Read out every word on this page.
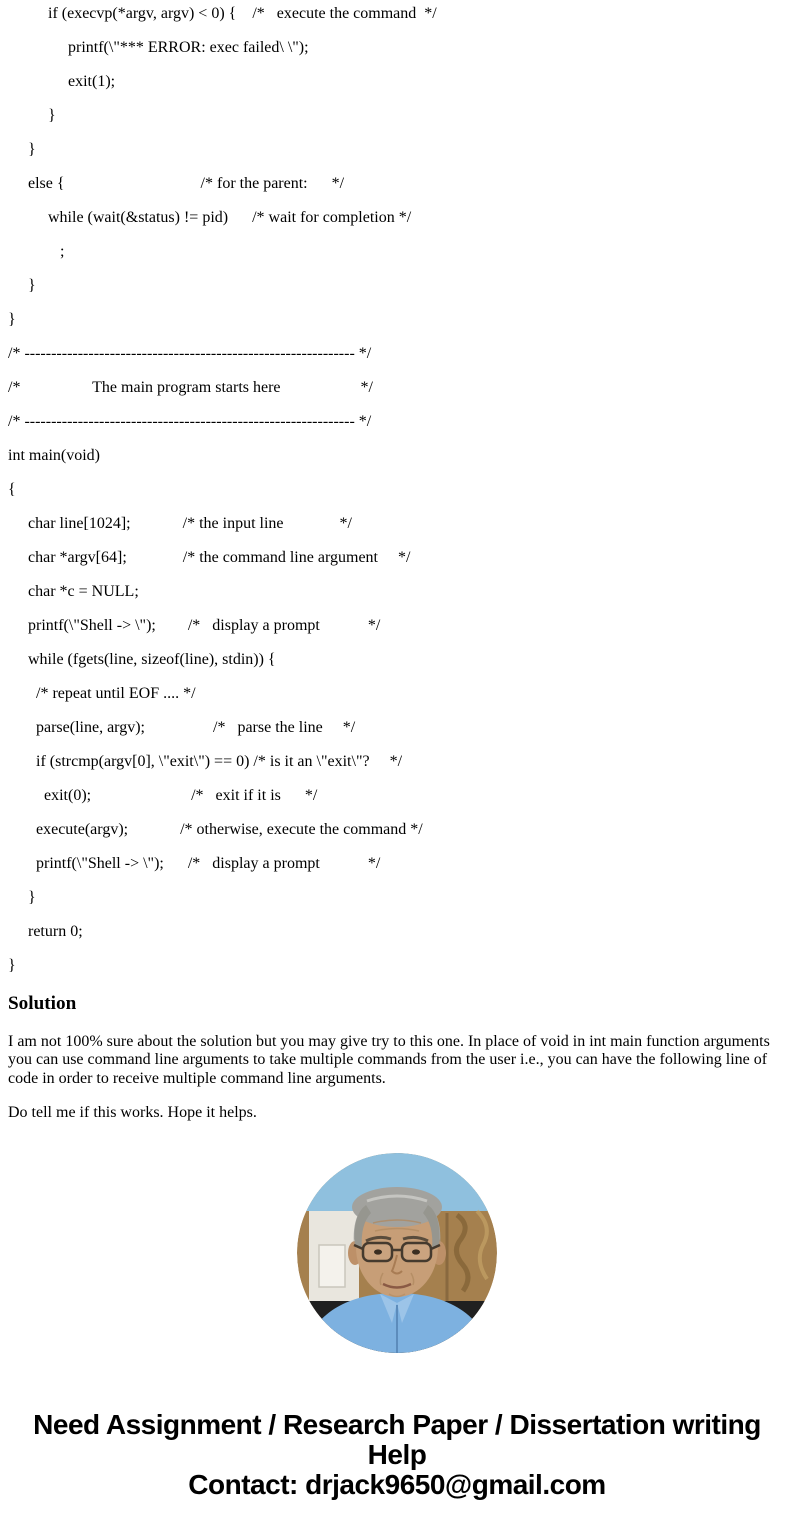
if (execvp(*argv, argv) < 0) {    /*   execute the command  */

printf(\"*** ERROR: exec failed\ \");

exit(1);

}

}

else {                                  /* for the parent:      */

while (wait(&status) != pid)      /* wait for completion */

;

}

}

/* -------------------------------------------------------------- */

/*                  The main program starts here                    */

/* -------------------------------------------------------------- */

int main(void)

{

char line[1024];             /* the input line              */

char *argv[64];              /* the command line argument     */

char *c = NULL;

printf(\"Shell -> \");        /*   display a prompt            */

while (fgets(line, sizeof(line), stdin)) {

/* repeat until EOF .... */

parse(line, argv);                 /*   parse the line     */

if (strcmp(argv[0], \"exit\") == 0) /* is it an \"exit\"?     */

exit(0);                         /*   exit if it is      */

execute(argv);             /* otherwise, execute the command */

printf(\"Shell -> \");      /*   display a prompt            */

}

return 0;

}

Solution

I am not 100% sure about the solution but you may give try to this one. In place of void in int main function arguments you can use command line arguments to take multiple commands from the user i.e., you can have the following line of code in order to receive multiple command line arguments.

Do tell me if this works. Hope it helps.

Need Assignment / Research Paper / Dissertation writing Help
Contact: drjack9650@gmail.com
